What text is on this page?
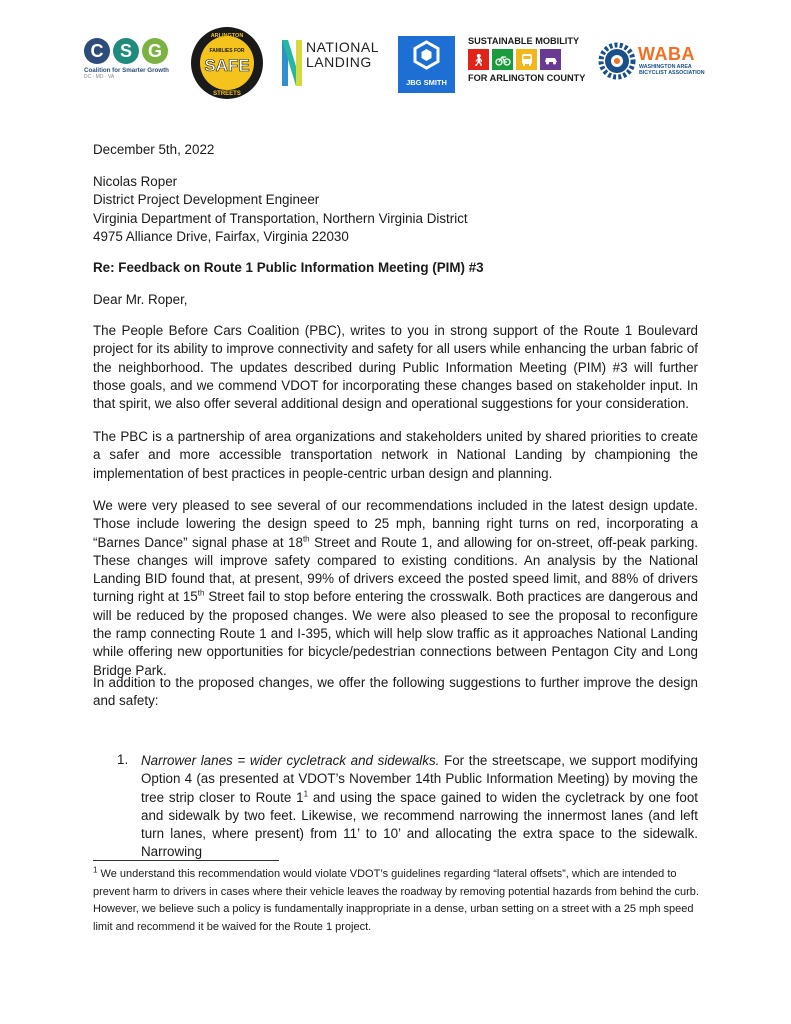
C S G
Coalition for Smarter Growth
DC · MD · VA
ARLINGTON
STREETS
SAFE
FAMILIES FOR	NATIONAL
LANDING
JBG SMITH
SUSTAINABLE MOBILITY
🚶︎
FOR ARLINGTON COUNTY
WABA
WASHINGTON AREA
BICYCLIST ASSOCIATION
December 5th, 2022
Nicolas Roper
District Project Development Engineer
Virginia Department of Transportation, Northern Virginia District
4975 Alliance Drive, Fairfax, Virginia 22030
Re: Feedback on Route 1 Public Information Meeting (PIM) #3
Dear Mr. Roper,
The People Before Cars Coalition (PBC), writes to you in strong support of the Route 1 Boulevard project for its ability to improve connectivity and safety for all users while enhancing the urban fabric of the neighborhood. The updates described during Public Information Meeting (PIM) #3 will further those goals, and we commend VDOT for incorporating these changes based on stakeholder input. In that spirit, we also offer several additional design and operational suggestions for your consideration.
The PBC is a partnership of area organizations and stakeholders united by shared priorities to create a safer and more accessible transportation network in National Landing by championing the implementation of best practices in people-centric urban design and planning.
We were very pleased to see several of our recommendations included in the latest design update. Those include lowering the design speed to 25 mph, banning right turns on red, incorporating a “Barnes Dance” signal phase at 18th Street and Route 1, and allowing for on-street, off-peak parking. These changes will improve safety compared to existing conditions. An analysis by the National Landing BID found that, at present, 99% of drivers exceed the posted speed limit, and 88% of drivers turning right at 15th Street fail to stop before entering the crosswalk. Both practices are dangerous and will be reduced by the proposed changes. We were also pleased to see the proposal to reconfigure the ramp connecting Route 1 and I-395, which will help slow traffic as it approaches National Landing while offering new opportunities for bicycle/pedestrian connections between Pentagon City and Long Bridge Park.
In addition to the proposed changes, we offer the following suggestions to further improve the design and safety:
1. Narrower lanes = wider cycletrack and sidewalks. For the streetscape, we support modifying Option 4 (as presented at VDOT’s November 14th Public Information Meeting) by moving the tree strip closer to Route $1^1$ and using the space gained to widen the cycletrack by one foot and sidewalk by two feet. Likewise, we recommend narrowing the innermost lanes (and left turn lanes, where present) from 11’ to 10’ and allocating the extra space to the sidewalk. Narrowing
$^1$ We understand this recommendation would violate VDOT’s guidelines regarding “lateral offsets”, which are intended to prevent harm to drivers in cases where their vehicle leaves the roadway by removing potential hazards from behind the curb. However, we believe such a policy is fundamentally inappropriate in a dense, urban setting on a street with a 25 mph speed limit and recommend it be waived for the Route 1 project.
